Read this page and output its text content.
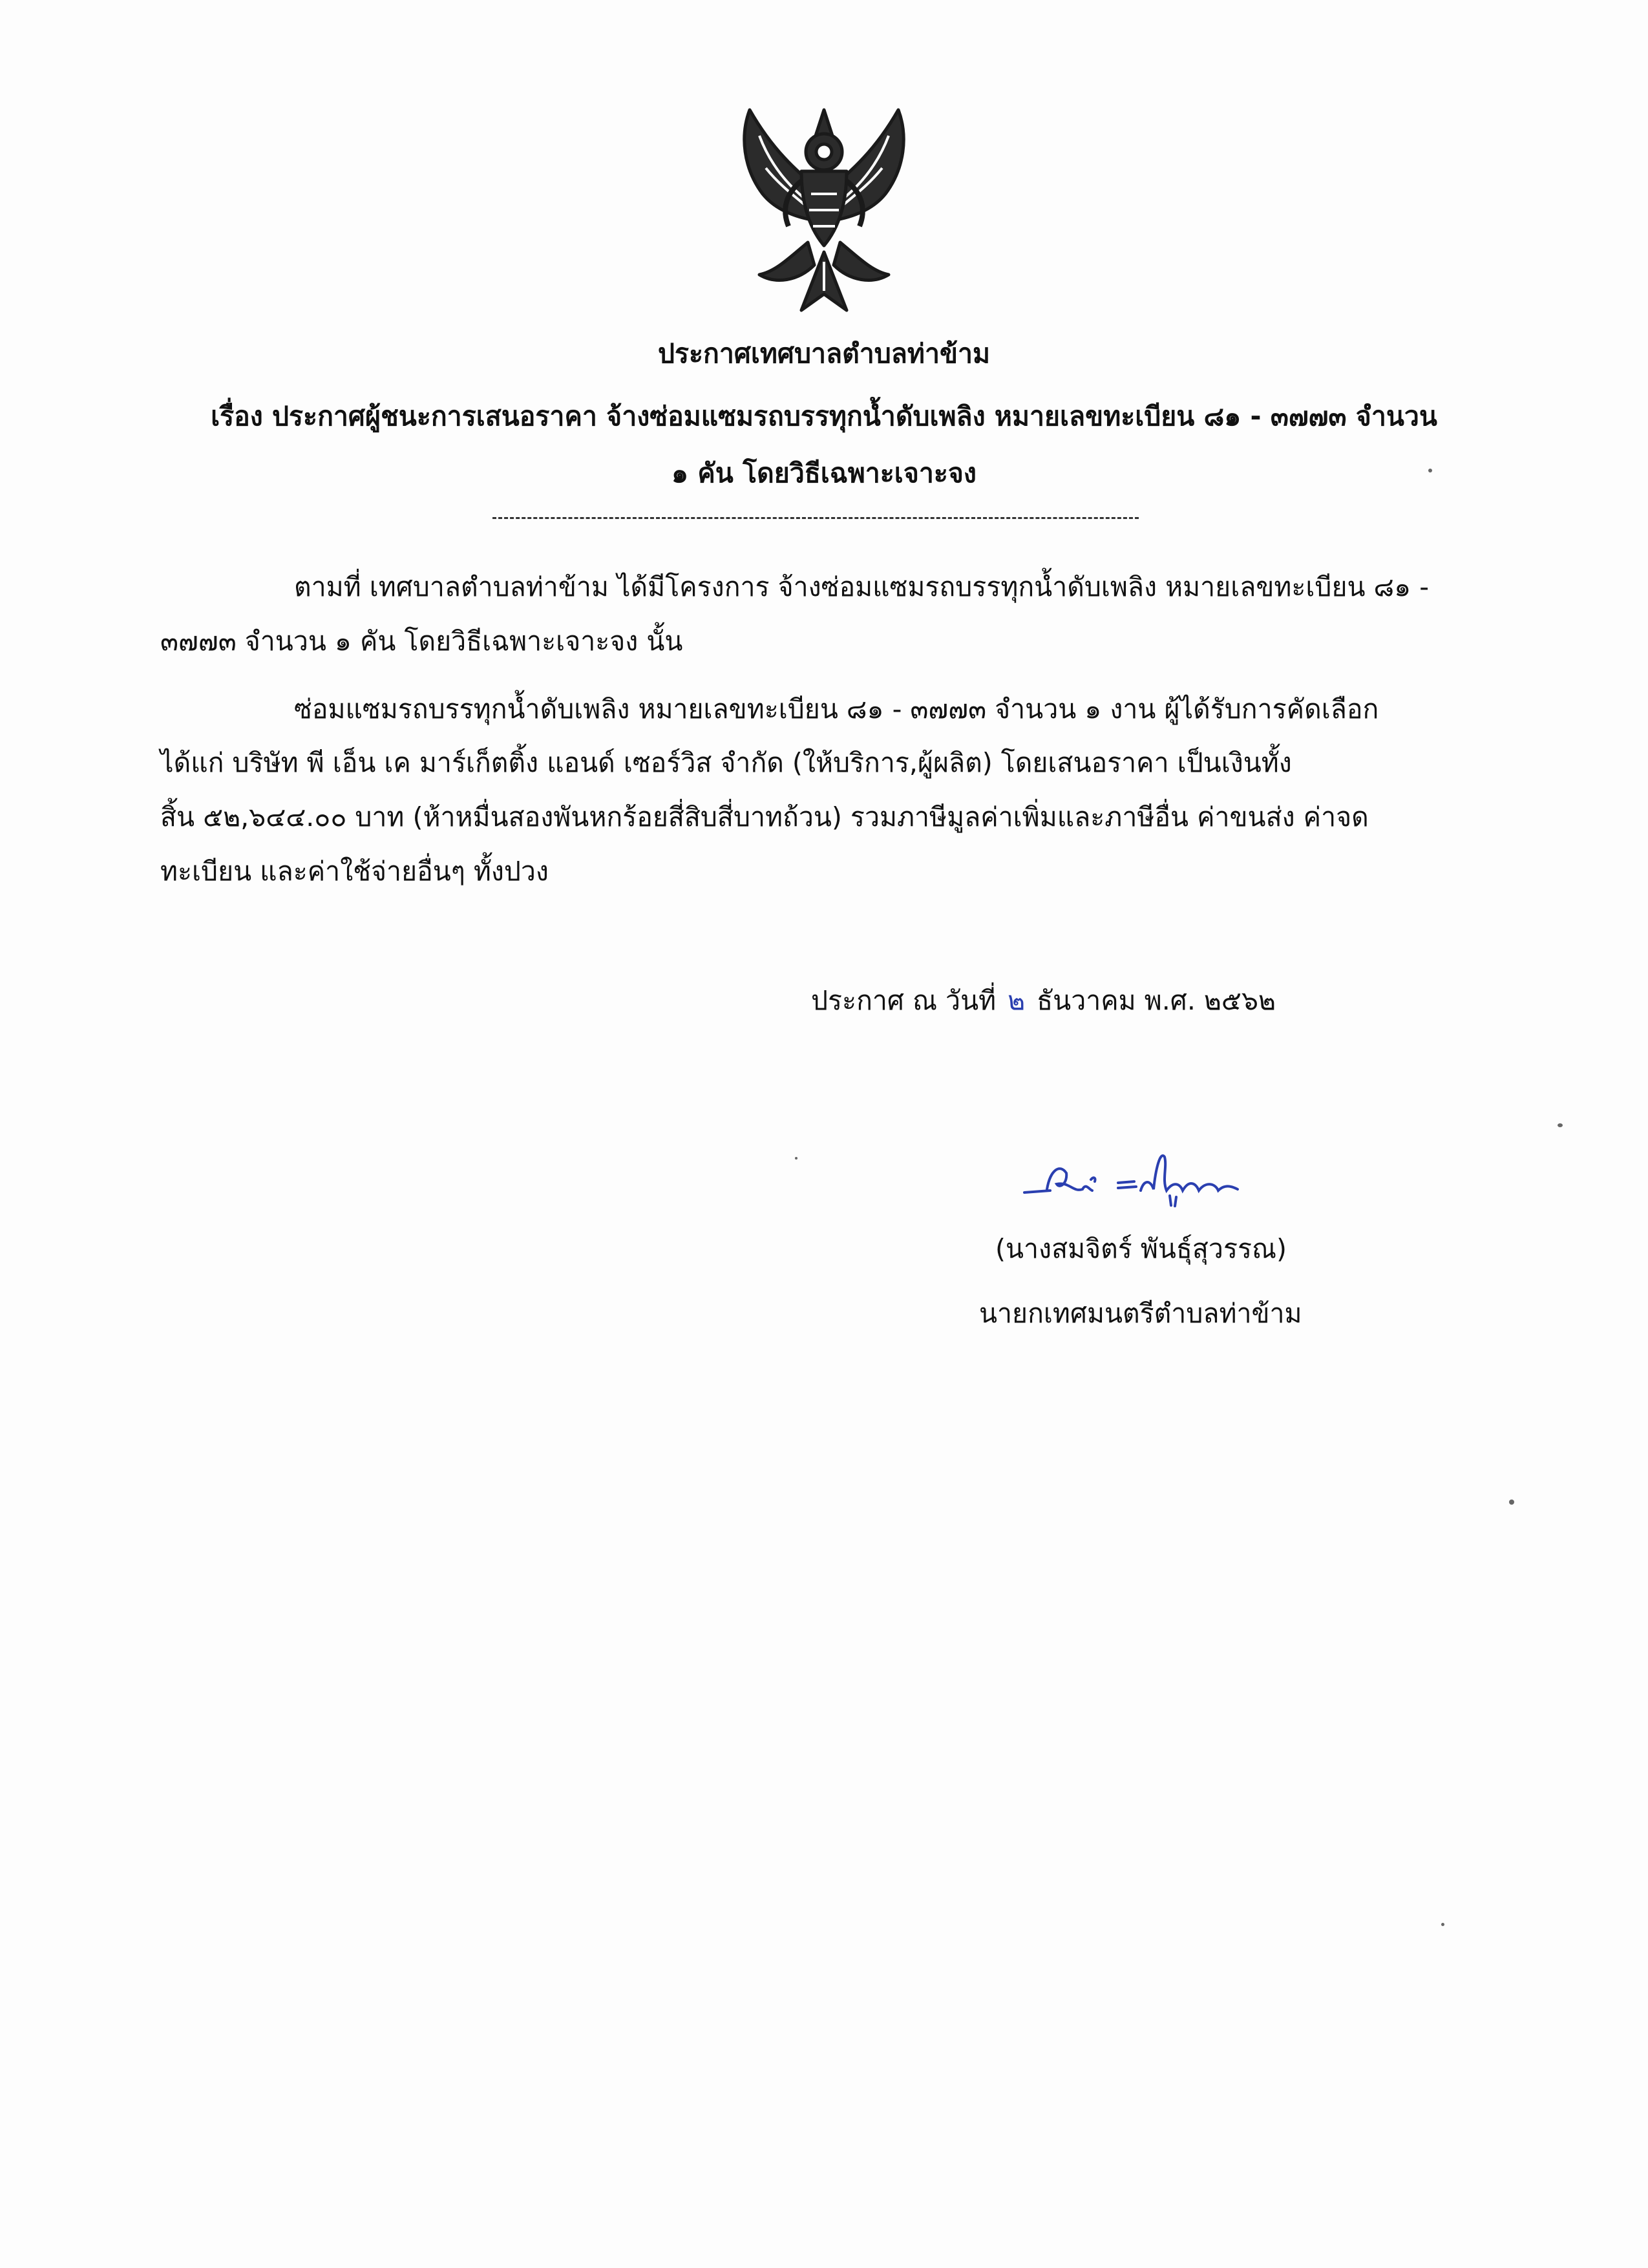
ประกาศเทศบาลตำบลท่าข้าม
เรื่อง ประกาศผู้ชนะการเสนอราคา จ้างซ่อมแซมรถบรรทุกน้ำดับเพลิง หมายเลขทะเบียน ๘๑ - ๓๗๗๓ จำนวน
๑ คัน โดยวิธีเฉพาะเจาะจง
ตามที่ เทศบาลตำบลท่าข้าม ได้มีโครงการ จ้างซ่อมแซมรถบรรทุกน้ำดับเพลิง หมายเลขทะเบียน ๘๑ -
๓๗๗๓ จำนวน ๑ คัน โดยวิธีเฉพาะเจาะจง นั้น
ซ่อมแซมรถบรรทุกน้ำดับเพลิง หมายเลขทะเบียน ๘๑ - ๓๗๗๓ จำนวน ๑ งาน ผู้ได้รับการคัดเลือก
ได้แก่ บริษัท พี เอ็น เค มาร์เก็ตติ้ง แอนด์ เซอร์วิส จำกัด (ให้บริการ,ผู้ผลิต) โดยเสนอราคา เป็นเงินทั้ง
สิ้น ๕๒,๖๔๔.๐๐ บาท (ห้าหมื่นสองพันหกร้อยสี่สิบสี่บาทถ้วน) รวมภาษีมูลค่าเพิ่มและภาษีอื่น ค่าขนส่ง ค่าจด
ทะเบียน และค่าใช้จ่ายอื่นๆ ทั้งปวง
ประกาศ ณ วันที่ ๒ ธันวาคม พ.ศ. ๒๕๖๒
(นางสมจิตร์ พันธุ์สุวรรณ)
นายกเทศมนตรีตำบลท่าข้าม
